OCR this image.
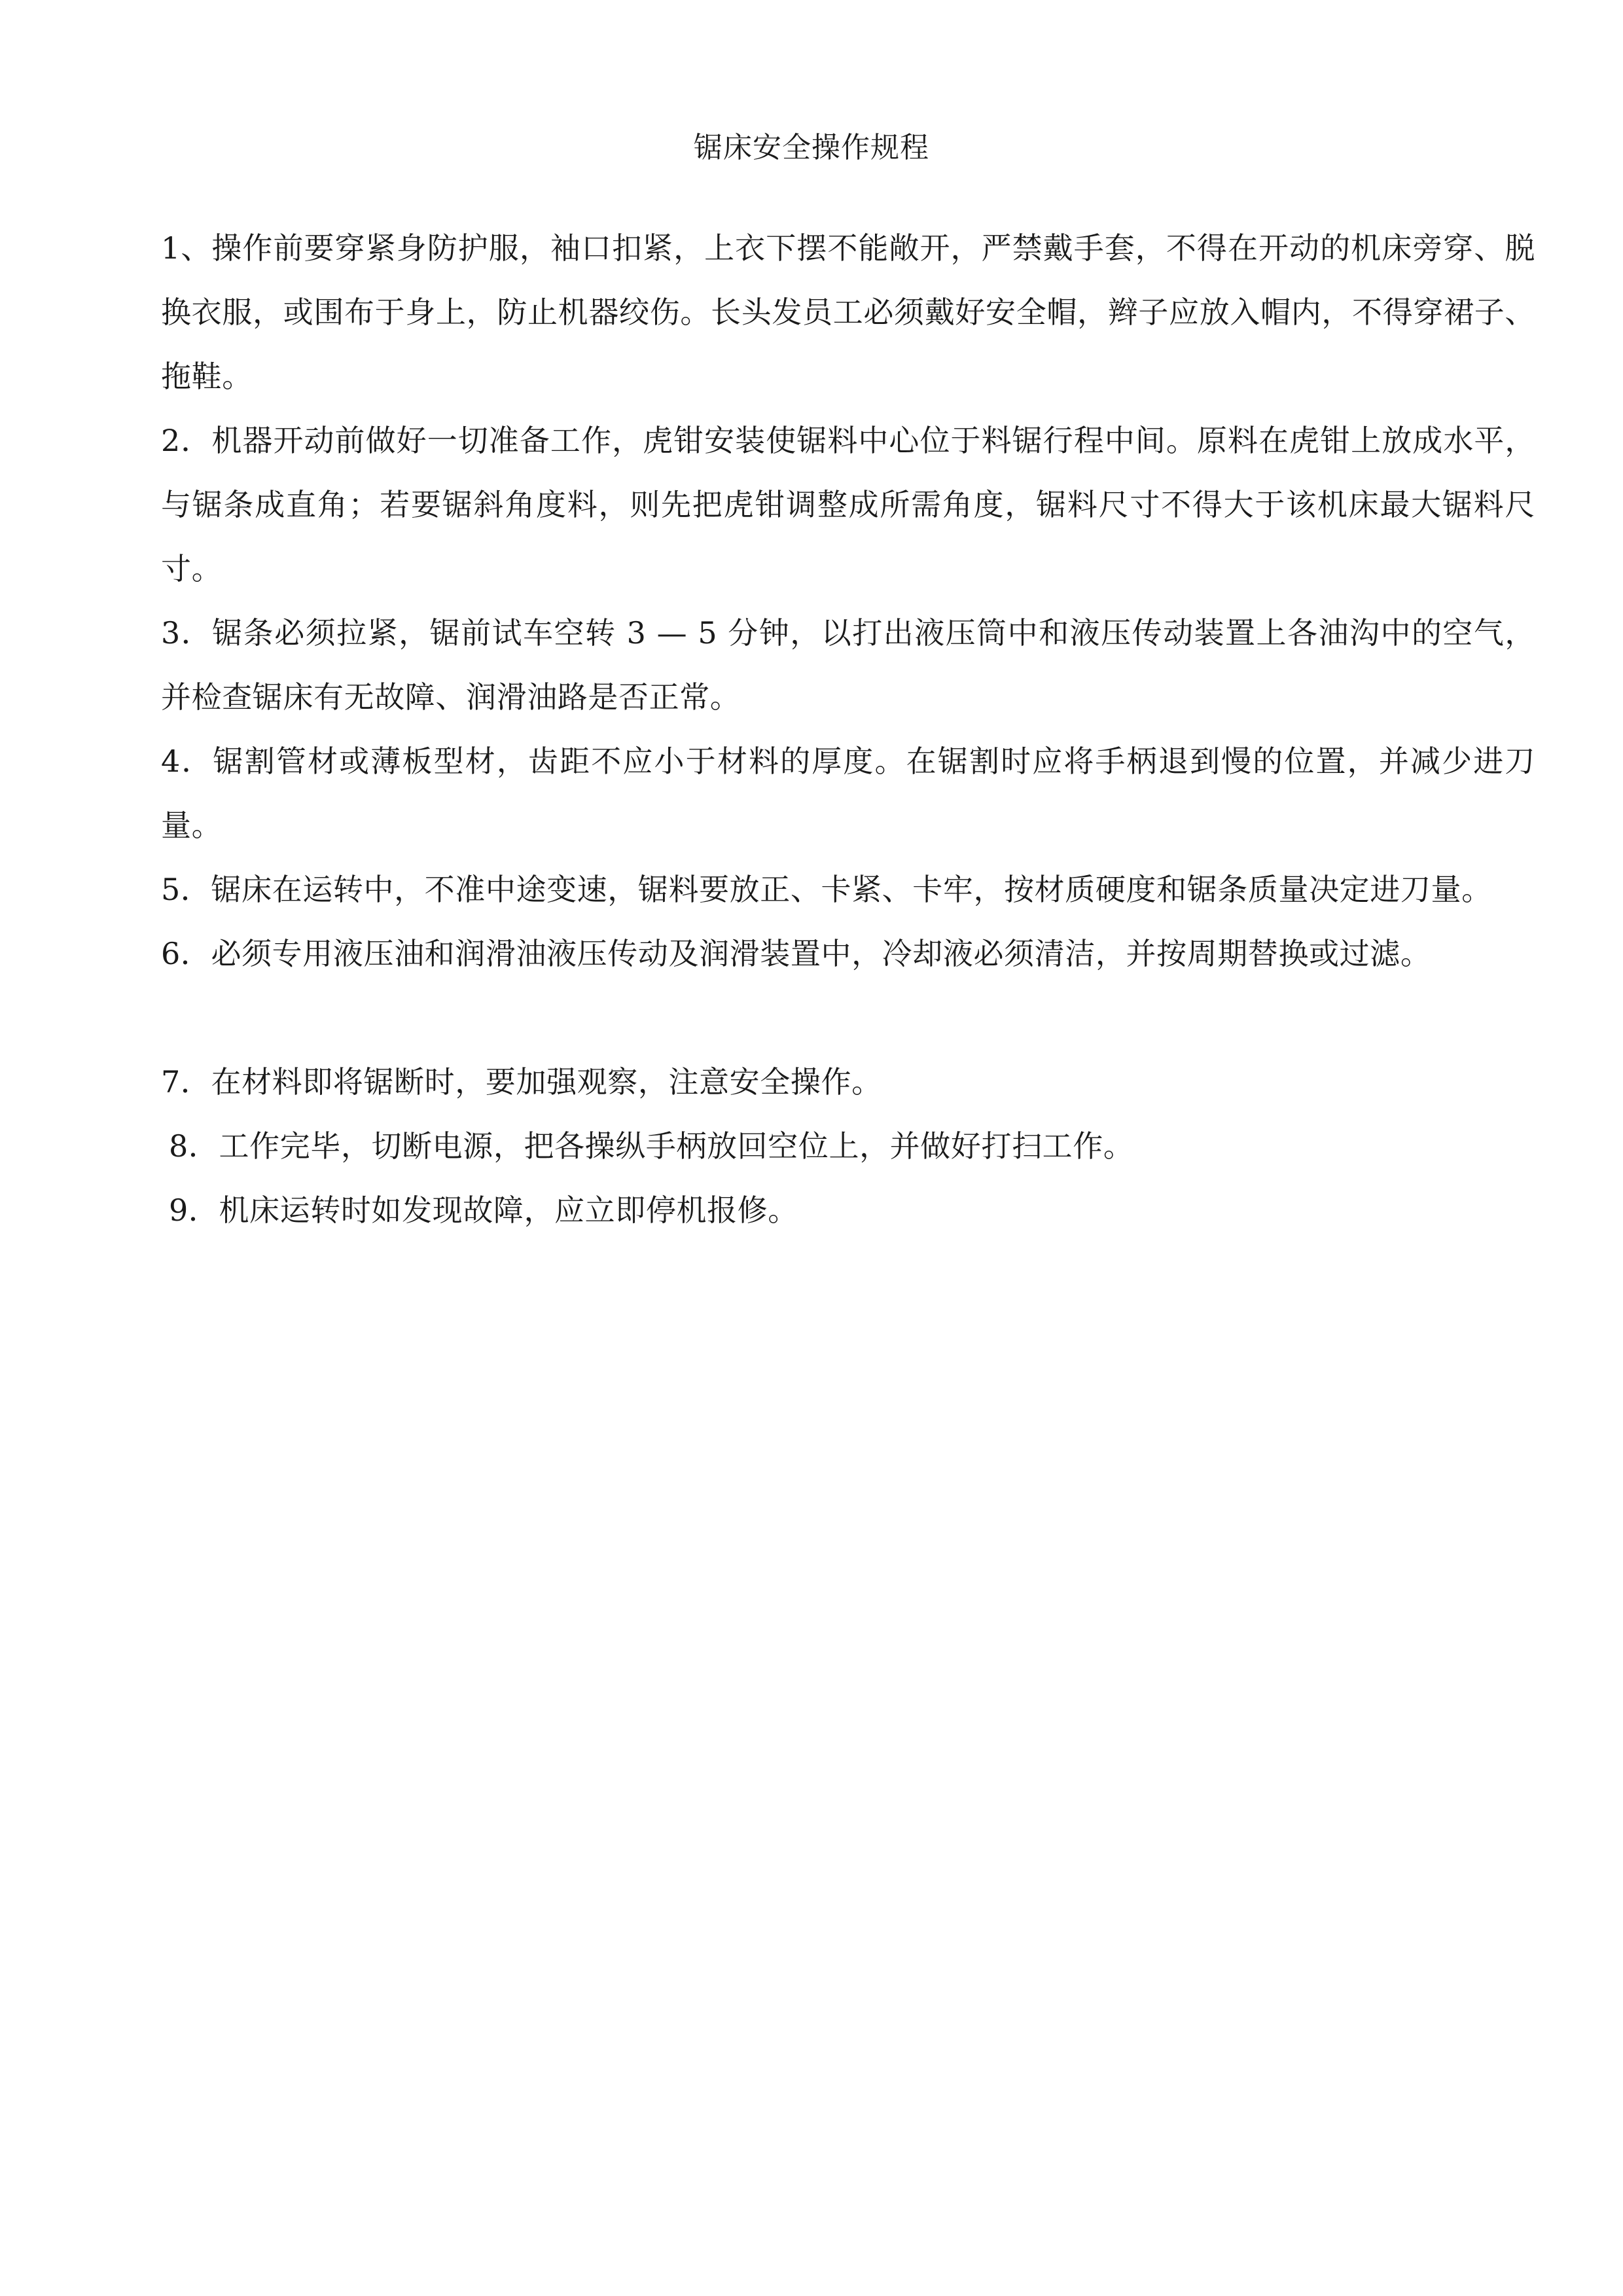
锯床安全操作规程

1、操作前要穿紧身防护服，袖口扣紧，上衣下摆不能敞开，严禁戴手套，不得在开动的机床旁穿、脱换衣服，或围布于身上，防止机器绞伤。长头发员工必须戴好安全帽，辫子应放入帽内，不得穿裙子、拖鞋。

2．机器开动前做好一切准备工作，虎钳安装使锯料中心位于料锯行程中间。原料在虎钳上放成水平，与锯条成直角；若要锯斜角度料，则先把虎钳调整成所需角度，锯料尺寸不得大于该机床最大锯料尺寸。

3．锯条必须拉紧，锯前试车空转 3 — 5 分钟，以打出液压筒中和液压传动装置上各油沟中的空气，并检查锯床有无故障、润滑油路是否正常。

4．锯割管材或薄板型材，齿距不应小于材料的厚度。在锯割时应将手柄退到慢的位置，并减少进刀量。

5．锯床在运转中，不准中途变速，锯料要放正、卡紧、卡牢，按材质硬度和锯条质量决定进刀量。

6．必须专用液压油和润滑油液压传动及润滑装置中，冷却液必须清洁，并按周期替换或过滤。

7．在材料即将锯断时，要加强观察，注意安全操作。

8．工作完毕，切断电源，把各操纵手柄放回空位上，并做好打扫工作。

9．机床运转时如发现故障，应立即停机报修。
